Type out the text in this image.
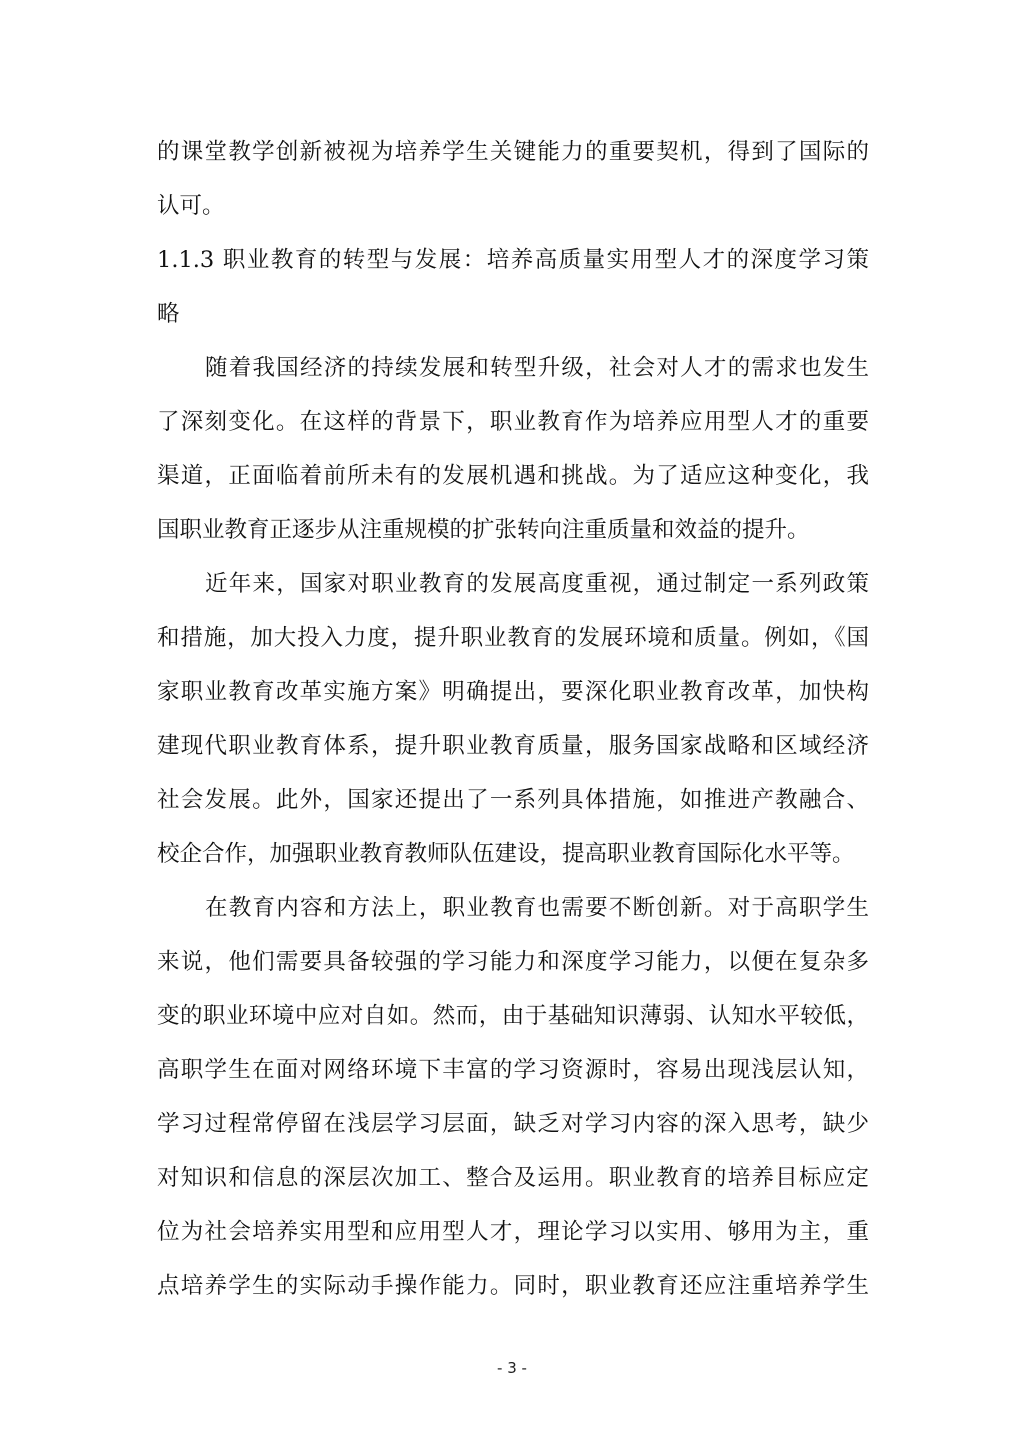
的课堂教学创新被视为培养学生关键能力的重要契机，得到了国际的
认可。
1.1.3 职业教育的转型与发展：培养高质量实用型人才的深度学习策
略
随着我国经济的持续发展和转型升级，社会对人才的需求也发生
了深刻变化。在这样的背景下，职业教育作为培养应用型人才的重要
渠道，正面临着前所未有的发展机遇和挑战。为了适应这种变化，我
国职业教育正逐步从注重规模的扩张转向注重质量和效益的提升。
近年来，国家对职业教育的发展高度重视，通过制定一系列政策
和措施，加大投入力度，提升职业教育的发展环境和质量。例如，《国
家职业教育改革实施方案》明确提出，要深化职业教育改革，加快构
建现代职业教育体系，提升职业教育质量，服务国家战略和区域经济
社会发展。此外，国家还提出了一系列具体措施，如推进产教融合、
校企合作，加强职业教育教师队伍建设，提高职业教育国际化水平等。
在教育内容和方法上，职业教育也需要不断创新。对于高职学生
来说，他们需要具备较强的学习能力和深度学习能力，以便在复杂多
变的职业环境中应对自如。然而，由于基础知识薄弱、认知水平较低，
高职学生在面对网络环境下丰富的学习资源时，容易出现浅层认知，
学习过程常停留在浅层学习层面，缺乏对学习内容的深入思考，缺少
对知识和信息的深层次加工、整合及运用。职业教育的培养目标应定
位为社会培养实用型和应用型人才，理论学习以实用、够用为主，重
点培养学生的实际动手操作能力。同时，职业教育还应注重培养学生
- 3 -
